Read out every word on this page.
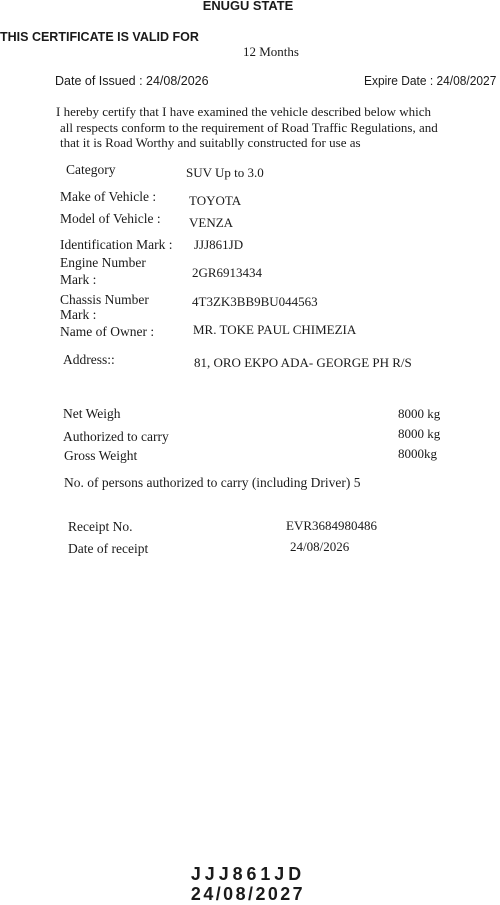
ENUGU STATE
THIS CERTIFICATE IS VALID FOR
12 Months
Date of Issued : 24/08/2026	Expire Date : 24/08/2027
I hereby certify that I have examined the vehicle described below which
all respects conform to the requirement of Road Traffic Regulations, and
that it is Road Worthy and suitablly constructed for use as
Category	SUV Up to 3.0
Make of Vehicle :	TOYOTA
Model of Vehicle : VENZA
Identification Mark : JJJ861JD
Engine Number
Mark :	2GR6913434
Chassis Number
Mark :
4T3ZK3BB9BU044563
Name of Owner :	MR. TOKE PAUL CHIMEZIA
Address::	81, ORO EKPO ADA- GEORGE PH R/S
Net Weigh	8000 kg
Authorized to carry	8000 kg
Gross Weight	8000kg
No. of persons authorized to carry (including Driver) 5
Receipt No.	EVR3684980486
Date of receipt	24/08/2026
JJJ861JD
24/08/2027
